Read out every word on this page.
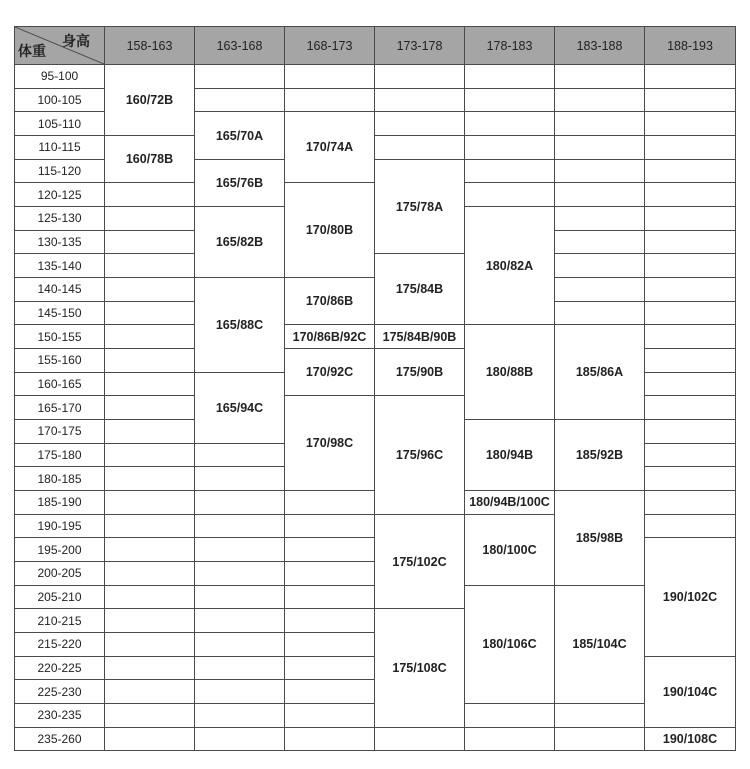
身高
体重	158-163	163-168	168-173	173-178	178-183	183-188	188-193
95-100	160/72B						
100-105							
105-110		165/70A	170/74A				
110-115	160/78B						
115-120		165/76B		175/78A			
120-125			170/80B				
125-130		165/82B			180/82A		
130-135							
135-140				175/84B			
140-145		165/88C	170/86B				
145-150							
150-155			170/86B/92C	175/84B/90B	180/88B	185/86A	
155-160			170/92C	175/90B			
160-165		165/94C					
165-170			170/98C	175/96C			
170-175					180/94B	185/92B	
175-180							
180-185							
185-190					180/94B/100C	185/98B	
190-195				175/102C	180/100C		
195-200							190/102C
200-205							
205-210					180/106C	185/104C	
210-215				175/108C			
215-220							
220-225							190/104C
225-230							
230-235							
235-260							190/108C
